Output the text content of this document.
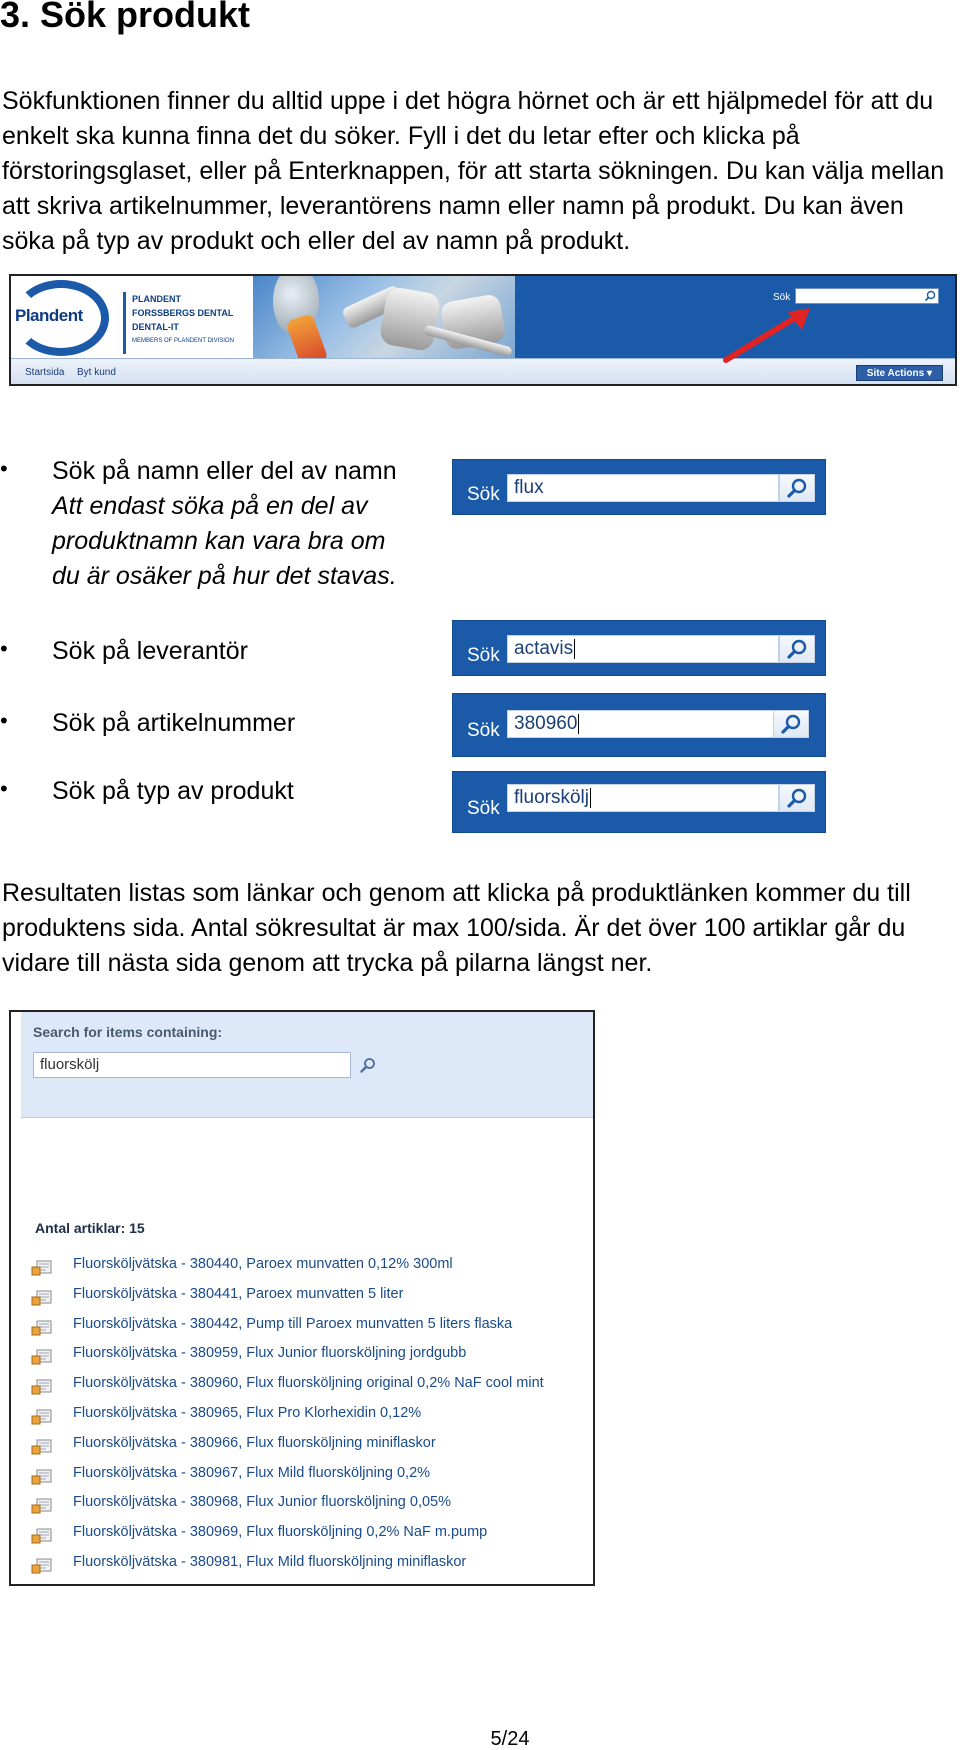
3. Sök produkt

Sökfunktionen finner du alltid uppe i det högra hörnet och är ett hjälpmedel för att du enkelt ska kunna finna det du söker. Fyll i det du letar efter och klicka på förstoringsglaset, eller på Enterknappen, för att starta sökningen. Du kan välja mellan att skriva artikelnummer, leverantörens namn eller namn på produkt. Du kan även söka på typ av produkt och eller del av namn på produkt.

Plandent
PLANDENT
FORSSBERGS DENTAL
DENTAL-IT
MEMBERS OF PLANDENT DIVISION
Sök
Startsida Byt kund	Site Actions ▾
• Sök på namn eller del av namn
Att endast söka på en del av
produktnamn kan vara bra om
du är osäker på hur det stavas.
• Sök på leverantör
• Sök på artikelnummer
• Sök på typ av produkt
Sök flux
Sök actavis
Sök 380960
Sök
fluorskölj

Resultaten listas som länkar och genom att klicka på produktlänken kommer du till produktens sida. Antal sökresultat är max 100/sida. Är det över 100 artiklar går du vidare till nästa sida genom att trycka på pilarna längst ner.

Search for items containing:
fluorskölj
Antal artiklar: 15
Fluorsköljvätska - 380440, Paroex munvatten 0,12% 300ml
Fluorsköljvätska - 380441, Paroex munvatten 5 liter
Fluorsköljvätska - 380442, Pump till Paroex munvatten 5 liters flaska
Fluorsköljvätska - 380959, Flux Junior fluorsköljning jordgubb
Fluorsköljvätska - 380960, Flux fluorsköljning original 0,2% NaF cool mint
Fluorsköljvätska - 380965, Flux Pro Klorhexidin 0,12%
Fluorsköljvätska - 380966, Flux fluorsköljning miniflaskor
Fluorsköljvätska - 380967, Flux Mild fluorsköljning 0,2%
Fluorsköljvätska - 380968, Flux Junior fluorsköljning 0,05%
Fluorsköljvätska - 380969, Flux fluorsköljning 0,2% NaF m.pump
Fluorsköljvätska - 380981, Flux Mild fluorsköljning miniflaskor
5/24
